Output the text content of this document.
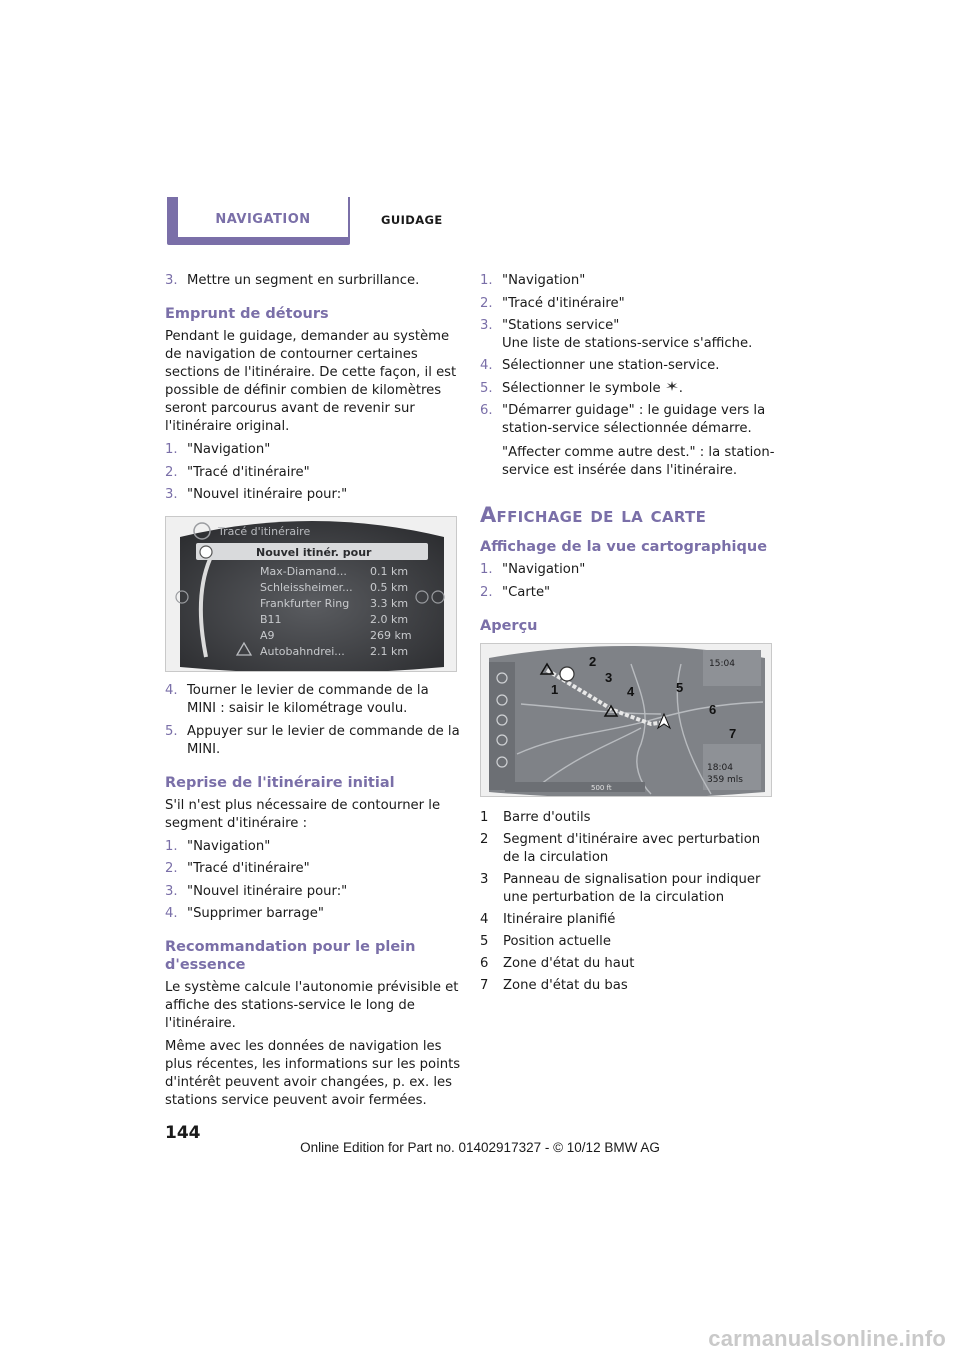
NAVIGATION	GUIDAGE
3. Mettre un segment en surbrillance.
Emprunt de détours
Pendant le guidage, demander au système de navigation de contourner certaines sections de l'itinéraire. De cette façon, il est possible de définir combien de kilomètres seront parcourus avant de revenir sur l'itinéraire original.
1. "Navigation"
2. "Tracé d'itinéraire"
3. "Nouvel itinéraire pour:"
Tracé d'itinéraire
Nouvel itinér. pour
Max-Diamand... 0.1 km
Schleissheimer... 0.5 km
Frankfurter Ring 3.3 km
B11	2.0 km
A9	269 km
Autobahndrei... 2.1 km
4. Tourner le levier de commande de la MINI : saisir le kilométrage voulu.
5. Appuyer sur le levier de commande de la MINI.
Reprise de l'itinéraire initial
S'il n'est plus nécessaire de contourner le segment d'itinéraire :
1. "Navigation"
2. "Tracé d'itinéraire"
3. "Nouvel itinéraire pour:"
4. "Supprimer barrage"
Recommandation pour le plein d'essence
Le système calcule l'autonomie prévisible et affiche des stations-service le long de l'itinéraire.
Même avec les données de navigation les plus récentes, les informations sur les points d'intérêt peuvent avoir changées, p. ex. les stations service peuvent avoir fermées.
1. "Navigation"
2. "Tracé d'itinéraire"
3. "Stations service"
Une liste de stations-service s'affiche.
4. Sélectionner une station-service.
5. Sélectionner le symbole .
6. "Démarrer guidage" : le guidage vers la station-service sélectionnée démarre.
"Affecter comme autre dest." : la station-service est insérée dans l'itinéraire.
Affichage de la carte
Affichage de la vue cartographique
1. "Navigation"
2. "Carte"
Aperçu
15:04
18:04
359 mls
500 ft
1
2
3
4	5
6
7
1	Barre d'outils
2	Segment d'itinéraire avec perturbation de la circulation
3	Panneau de signalisation pour indiquer une perturbation de la circulation
4	Itinéraire planifié
5	Position actuelle
6	Zone d'état du haut
7	Zone d'état du bas
144
Online Edition for Part no. 01402917327 - © 10/12 BMW AG
carmanualsonline.info
